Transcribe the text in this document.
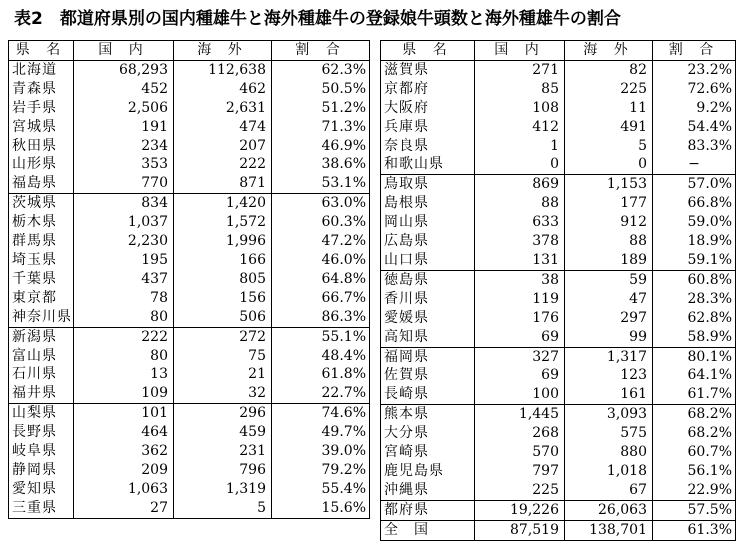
表2　都道府県別の国内種雄牛と海外種雄牛の登録娘牛頭数と海外種雄牛の割合
県 名	国 内	海 外	割 合
北海道	68,293	112,638	62.3%
青森県	452	462	50.5%
岩手県	2,506	2,631	51.2%
宮城県	191	474	71.3%
秋田県	234	207	46.9%
山形県	353	222	38.6%
福島県	770	871	53.1%
茨城県	834	1,420	63.0%
栃木県	1,037	1,572	60.3%
群馬県	2,230	1,996	47.2%
埼玉県	195	166	46.0%
千葉県	437	805	64.8%
東京都	78	156	66.7%
神奈川県	80	506	86.3%
新潟県	222	272	55.1%
富山県	80	75	48.4%
石川県	13	21	61.8%
福井県	109	32	22.7%
山梨県	101	296	74.6%
長野県	464	459	49.7%
岐阜県	362	231	39.0%
静岡県	209	796	79.2%
愛知県	1,063	1,319	55.4%
三重県	27	5	15.6%
県 名	国 内	海 外	割 合
滋賀県	271	82	23.2%
京都府	85	225	72.6%
大阪府	108	11	9.2%
兵庫県	412	491	54.4%
奈良県	1	5	83.3%
和歌山県	0	0	−
鳥取県	869	1,153	57.0%
島根県	88	177	66.8%
岡山県	633	912	59.0%
広島県	378	88	18.9%
山口県	131	189	59.1%
徳島県	38	59	60.8%
香川県	119	47	28.3%
愛媛県	176	297	62.8%
高知県	69	99	58.9%
福岡県	327	1,317	80.1%
佐賀県	69	123	64.1%
長崎県	100	161	61.7%
熊本県	1,445	3,093	68.2%
大分県	268	575	68.2%
宮崎県	570	880	60.7%
鹿児島県	797	1,018	56.1%
沖縄県	225	67	22.9%
都府県	19,226	26,063	57.5%
全　国	87,519	138,701	61.3%
